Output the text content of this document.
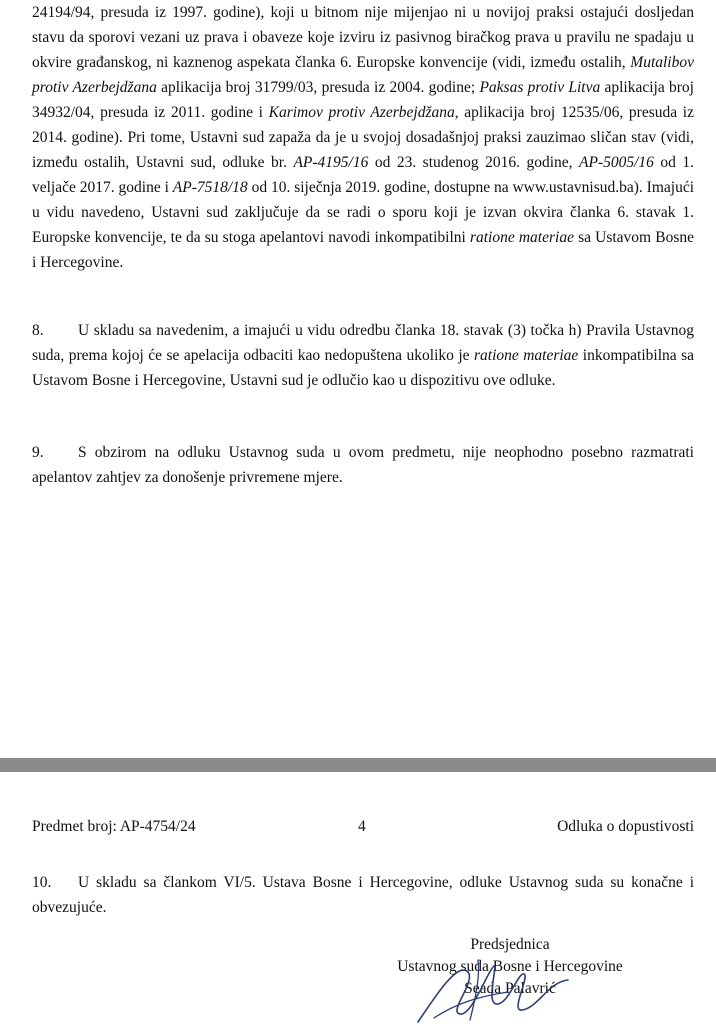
24194/94, presuda iz 1997. godine), koji u bitnom nije mijenjao ni u novijoj praksi ostajući dosljedan stavu da sporovi vezani uz prava i obaveze koje izviru iz pasivnog biračkog prava u pravilu ne spadaju u okvire građanskog, ni kaznenog aspekata članka 6. Europske konvencije (vidi, između ostalih, Mutalibov protiv Azerbejdžana aplikacija broj 31799/03, presuda iz 2004. godine; Paksas protiv Litva aplikacija broj 34932/04, presuda iz 2011. godine i Karimov protiv Azerbejdžana, aplikacija broj 12535/06, presuda iz 2014. godine). Pri tome, Ustavni sud zapaža da je u svojoj dosadašnjoj praksi zauzimao sličan stav (vidi, između ostalih, Ustavni sud, odluke br. AP-4195/16 od 23. studenog 2016. godine, AP-5005/16 od 1. veljače 2017. godine i AP-7518/18 od 10. siječnja 2019. godine, dostupne na www.ustavnisud.ba). Imajući u vidu navedeno, Ustavni sud zaključuje da se radi o sporu koji je izvan okvira članka 6. stavak 1. Europske konvencije, te da su stoga apelantovi navodi inkompatibilni ratione materiae sa Ustavom Bosne i Hercegovine.

8. U skladu sa navedenim, a imajući u vidu odredbu članka 18. stavak (3) točka h) Pravila Ustavnog suda, prema kojoj će se apelacija odbaciti kao nedopuštena ukoliko je ratione materiae inkompatibilna sa Ustavom Bosne i Hercegovine, Ustavni sud je odlučio kao u dispozitivu ove odluke.

9. S obzirom na odluku Ustavnog suda u ovom predmetu, nije neophodno posebno razmatrati apelantov zahtjev za donošenje privremene mjere.

Predmet broj: AP-4754/24	4	Odluka o dopustivosti

10. U skladu sa člankom VI/5. Ustava Bosne i Hercegovine, odluke Ustavnog suda su konačne i obvezujuće.

Predsjednica
Ustavnog suda Bosne i Hercegovine
Seada Palavrić
